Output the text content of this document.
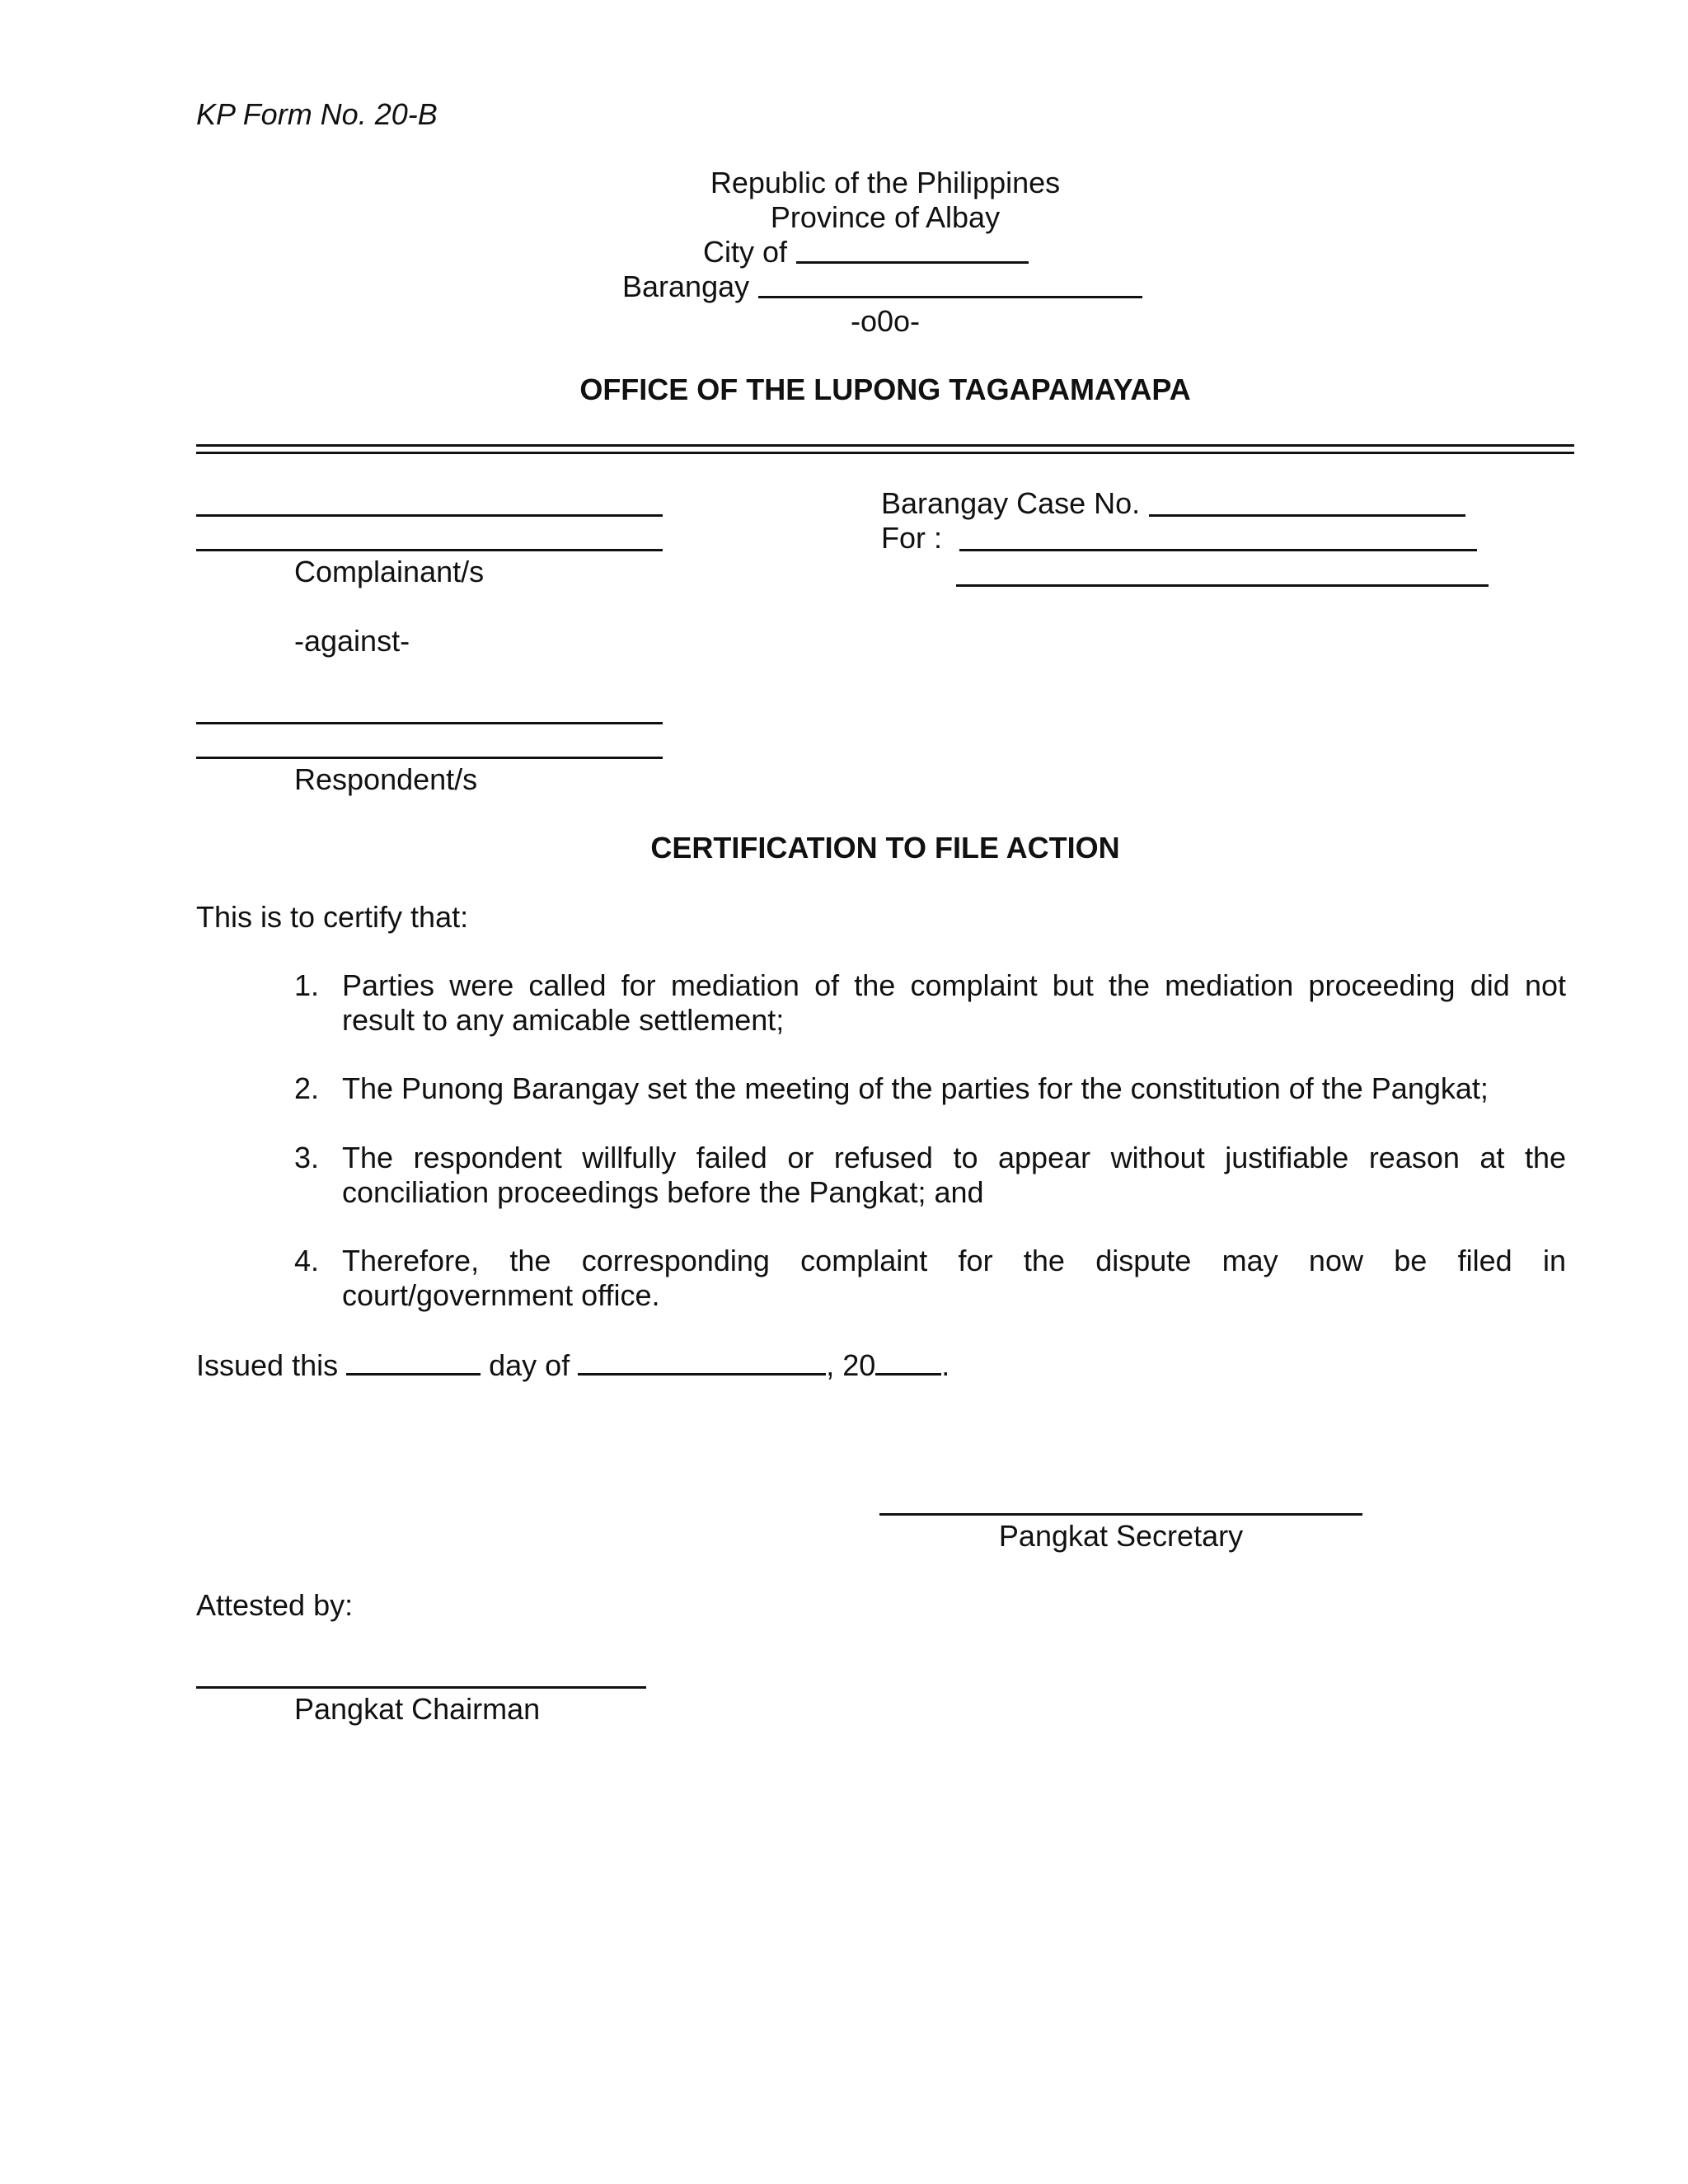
KP Form No. 20-B
Republic of the Philippines
Province of Albay
City of
Barangay
-o0o-
OFFICE OF THE LUPONG TAGAPAMAYAPA
Complainant/s
-against-
Respondent/s
Barangay Case No.
For :
CERTIFICATION TO FILE ACTION
This is to certify that:
1. Parties were called for mediation of the complaint but the mediation proceeding did not
result to any amicable settlement;
2. The Punong Barangay set the meeting of the parties for the constitution of the Pangkat;
3. The respondent willfully failed or refused to appear without justifiable reason at the
conciliation proceedings before the Pangkat; and
4. Therefore, the corresponding complaint for the dispute may now be filed in
court/government office.
Issued this	day of	, 20 .
Pangkat Secretary
Attested by:
Pangkat Chairman
